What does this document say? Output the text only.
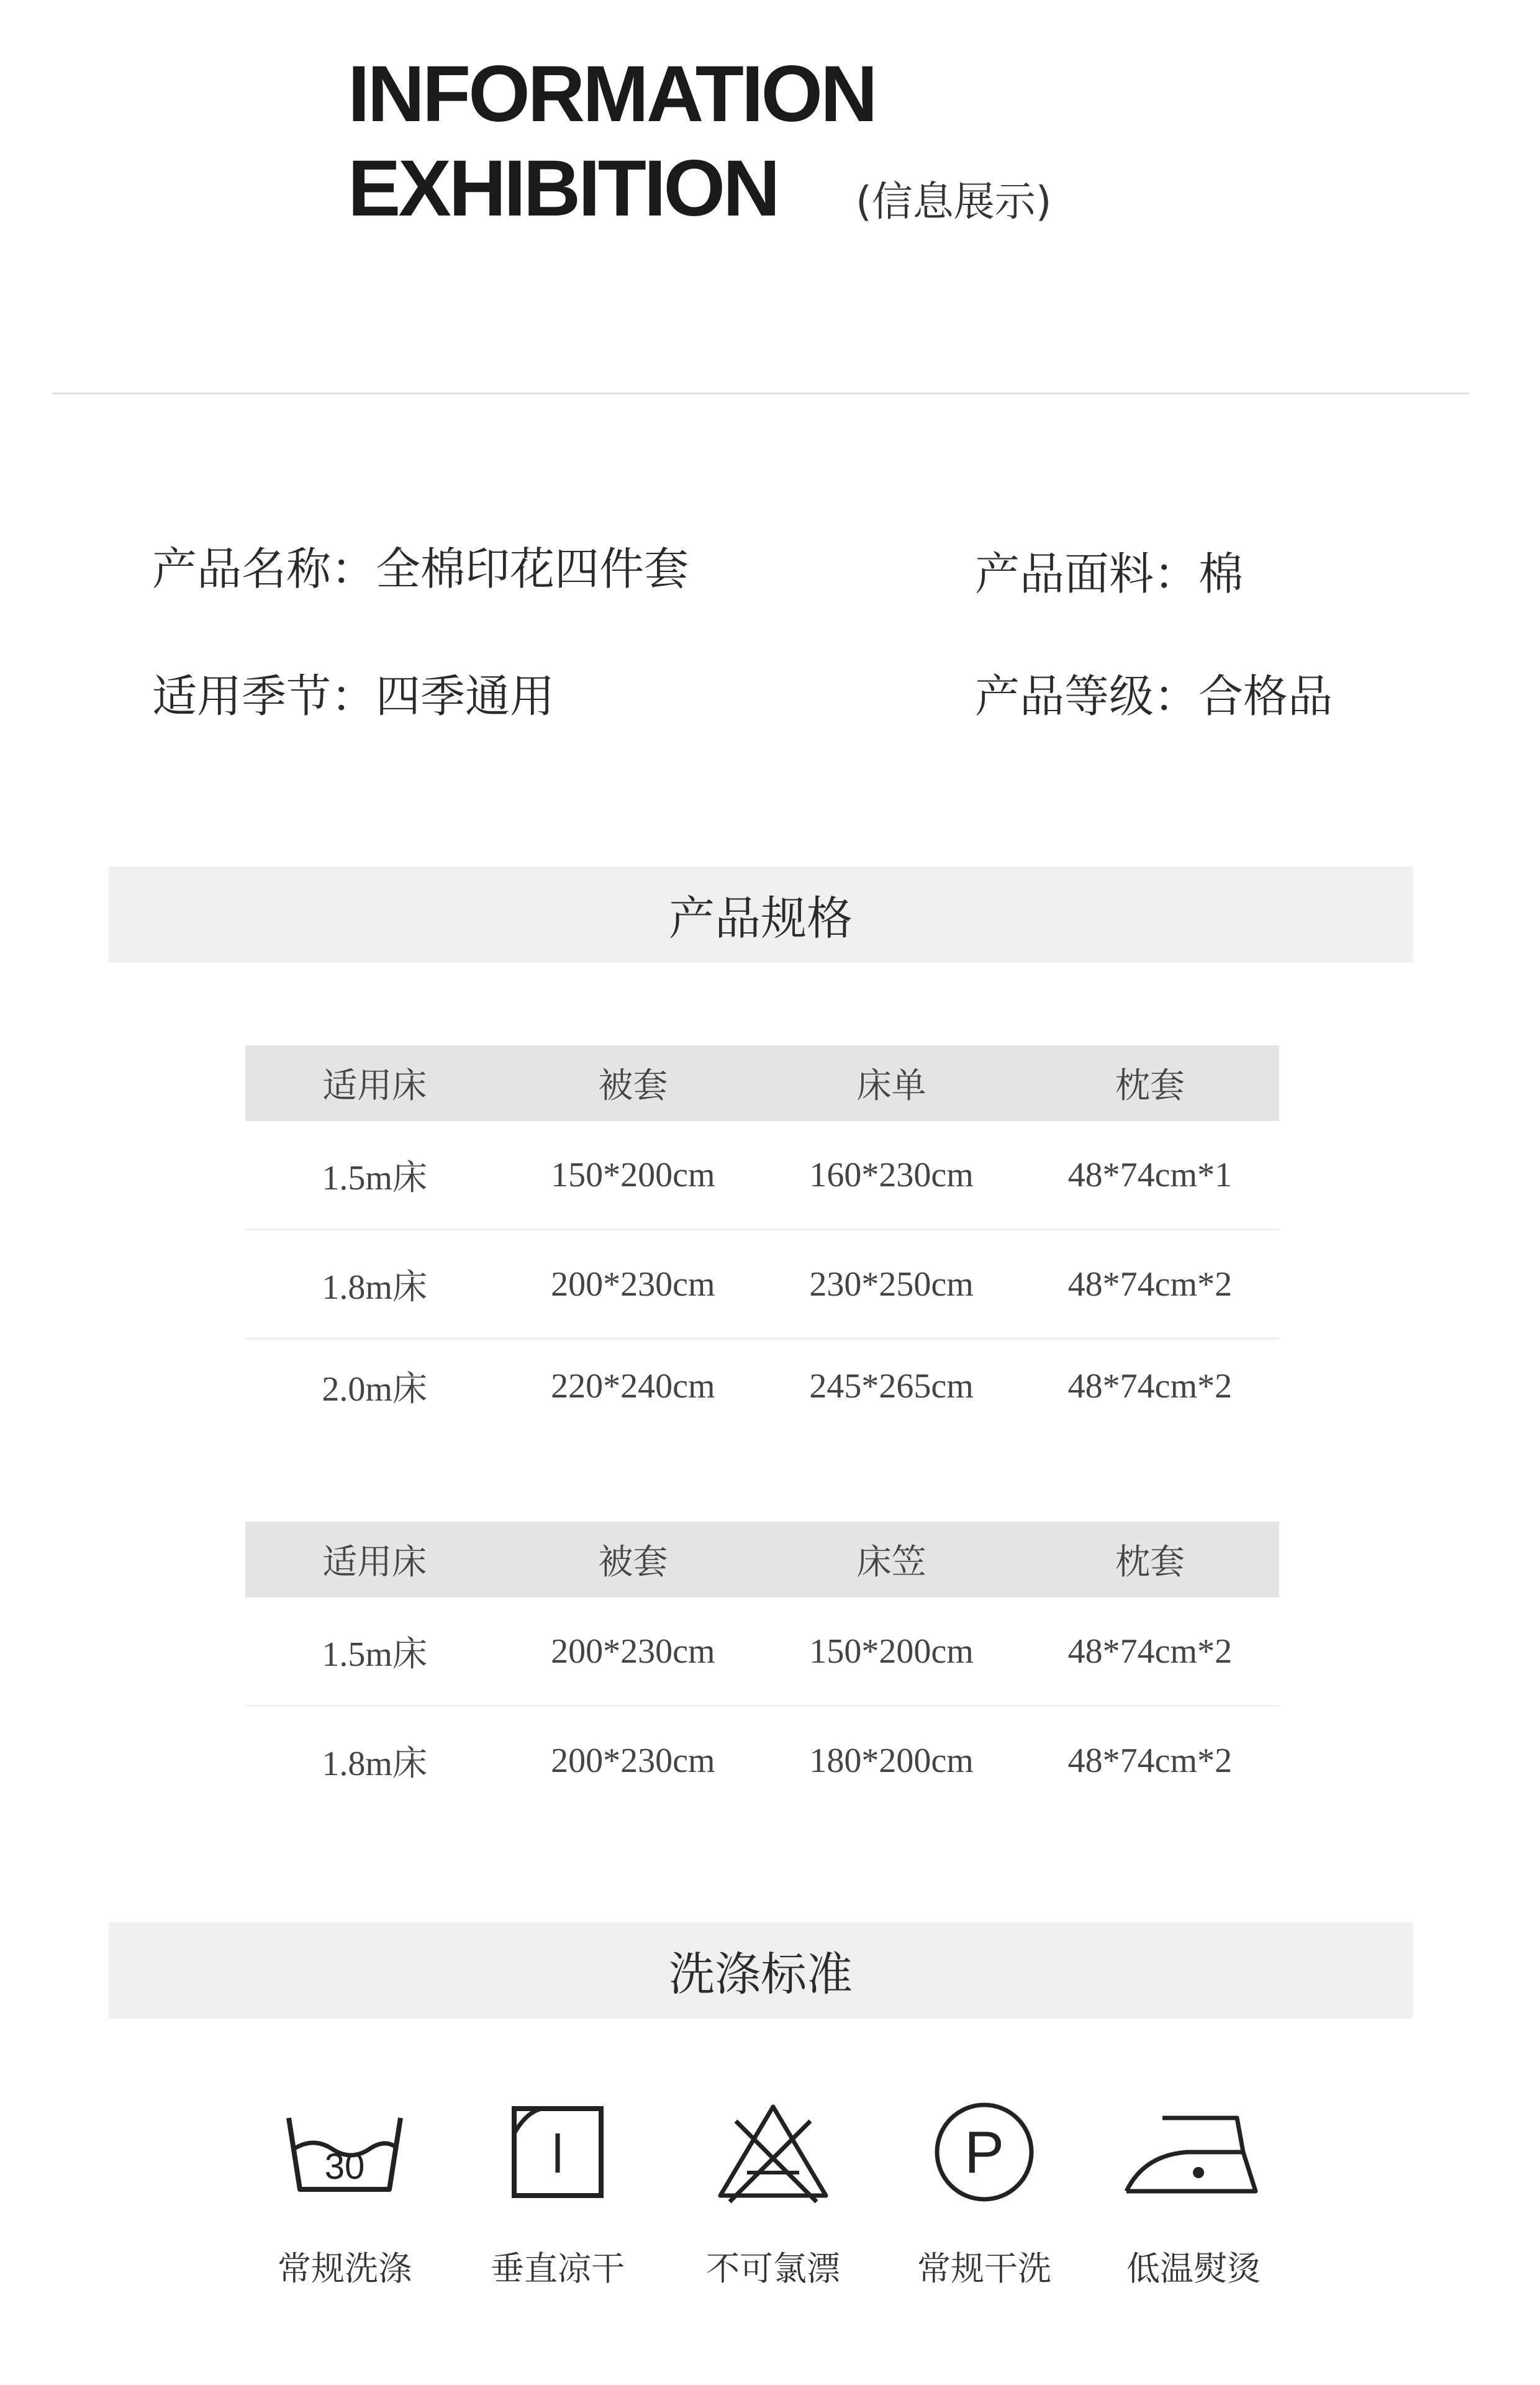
INFORMATION
EXHIBITION (信息展示)
产品名称：全棉印花四件套	产品面料：棉
适用季节：四季通用	产品等级：合格品
产品规格
适用床	被套	床单	枕套
1.5m床	150*200cm	160*230cm	48*74cm*1
1.8m床	200*230cm	230*250cm	48*74cm*2
2.0m床	220*240cm	245*265cm	48*74cm*2
适用床	被套	床笠	枕套
1.5m床	200*230cm	150*200cm	48*74cm*2
1.8m床	200*230cm	180*200cm	48*74cm*2
洗涤标准
30
常规洗涤	垂直凉干	不可氯漂
P
常规干洗	低温熨烫
